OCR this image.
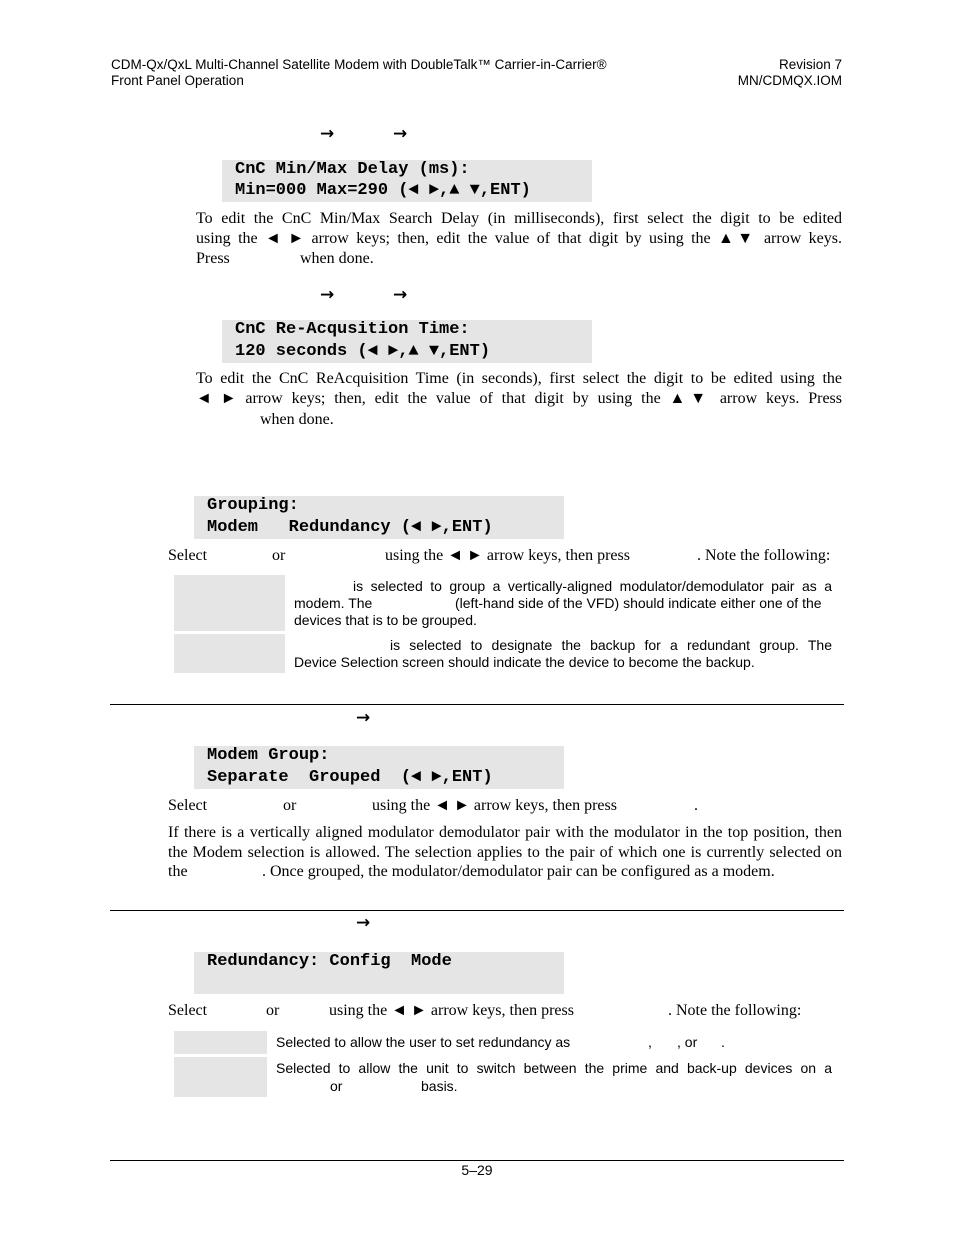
CDM-Qx/QxL Multi-Channel Satellite Modem with DoubleTalk™ Carrier-in-Carrier®
Front Panel Operation
Revision 7
MN/CDMQX.IOM
→	→
CnC Min/Max Delay (ms):
Min=000 Max=290 (◄ ►,▲ ▼,ENT)
To edit the CnC Min/Max Search Delay (in milliseconds), first select the digit to be edited
using the ◄ ► arrow keys; then, edit the value of that digit by using the ▲▼ arrow keys.
Press	when done.
→	→
CnC Re-Acqusition Time:
120 seconds (◄ ►,▲ ▼,ENT)
To edit the CnC ReAcquisition Time (in seconds), first select the digit to be edited using the
◄ ► arrow keys; then, edit the value of that digit by using the ▲▼ arrow keys. Press
when done.
Grouping:
Modem   Redundancy (◄ ►,ENT)
Select	or	using the ◄ ► arrow keys, then press	. Note the following:
is selected to group a vertically-aligned modulator/demodulator pair as a
modem. The	(left-hand side of the VFD) should indicate either one of the
devices that is to be grouped.
is selected to designate the backup for a redundant group. The
Device Selection screen should indicate the device to become the backup.
→
Modem Group:
Separate  Grouped  (◄ ►,ENT)
Select	or	using the ◄ ► arrow keys, then press	.
If there is a vertically aligned modulator demodulator pair with the modulator in the top position, then
the Modem selection is allowed. The selection applies to the pair of which one is currently selected on
the	. Once grouped, the modulator/demodulator pair can be configured as a modem.
→
Redundancy: Config  Mode
Select	or	using the ◄ ► arrow keys, then press	. Note the following:
Selected to allow the user to set redundancy as	, , or .
Selected to allow the unit to switch between the prime and back-up devices on a
or	basis.
5–29
